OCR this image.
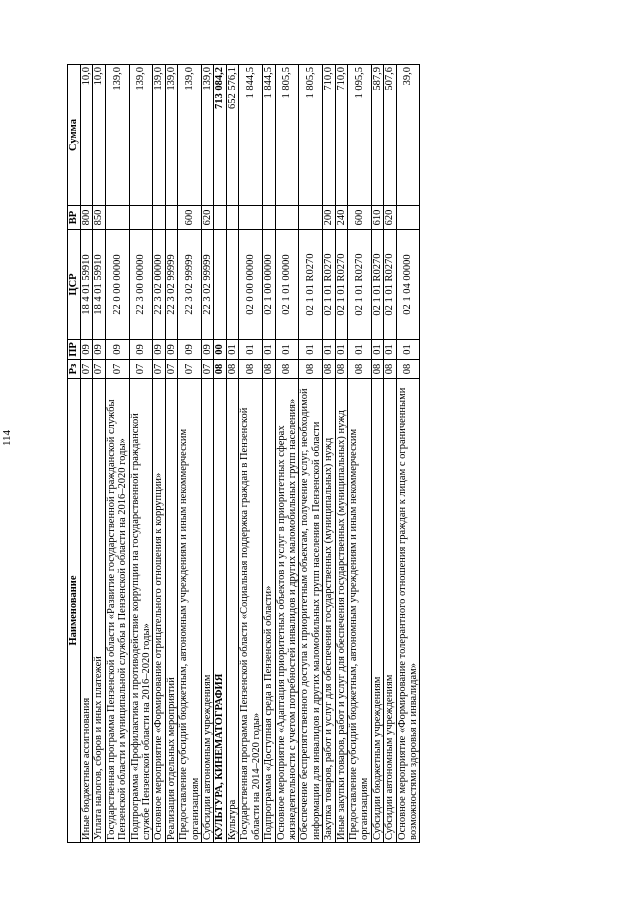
114
Наименование	Рз	ПР	ЦСР	ВР	Сумма
Иные бюджетные ассигнования	07	09	18 4 01 59910	800	10,0
Уплата налогов, сборов и иных платежей	07	09	18 4 01 59910	850	10,0
Государственная программа Пензенской области «Развитие государственной гражданской службы Пензенской области и муниципальной службы в Пензенской области на 2016–2020 годы»	07	09	22 0 00 00000		139,0
Подпрограмма «Профилактика и противодействие коррупции на государственной гражданской службе Пензенской области на 2016–2020 годы»	07	09	22 3 00 00000		139,0
Основное мероприятие «Формирование отрицательного отношения к коррупции»	07	09	22 3 02 00000		139,0
Реализация отдельных мероприятий	07	09	22 3 02 99999		139,0
Предоставление субсидий бюджетным, автономным учреждениям и иным некоммерческим организациям	07	09	22 3 02 99999	600	139,0
Субсидии автономным учреждениям	07	09	22 3 02 99999	620	139,0
КУЛЬТУРА, КИНЕМАТОГРАФИЯ	08	00			713 084,2
Культура	08	01			652 576,1
Государственная программа Пензенской области «Социальная поддержка граждан в Пензенской области на 2014–2020 годы»	08	01	02 0 00 00000		1 844,5
Подпрограмма «Доступная среда в Пензенской области»	08	01	02 1 00 00000		1 844,5
Основное мероприятие «Адаптация приоритетных объектов и услуг в приоритетных сферах жизнедеятельности с учетом потребностей инвалидов и других маломобильных групп населения»	08	01	02 1 01 00000		1 805,5
Обеспечение беспрепятственного доступа к приоритетным объектам, получение услуг, необходимой информации для инвалидов и других маломобильных групп населения в Пензенской области	08	01	02 1 01 R0270		1 805,5
Закупка товаров, работ и услуг для обеспечения государственных (муниципальных) нужд	08	01	02 1 01 R0270	200	710,0
Иные закупки товаров, работ и услуг для обеспечения государственных (муниципальных) нужд	08	01	02 1 01 R0270	240	710,0
Предоставление субсидий бюджетным, автономным учреждениям и иным некоммерческим организациям	08	01	02 1 01 R0270	600	1 095,5
Субсидии бюджетным учреждениям	08	01	02 1 01 R0270	610	587,9
Субсидии автономным учреждениям	08	01	02 1 01 R0270	620	507,6
Основное мероприятие «Формирование толерантного отношения граждан к лицам с ограниченными возможностями здоровья и инвалидам»	08	01	02 1 04 00000		39,0
